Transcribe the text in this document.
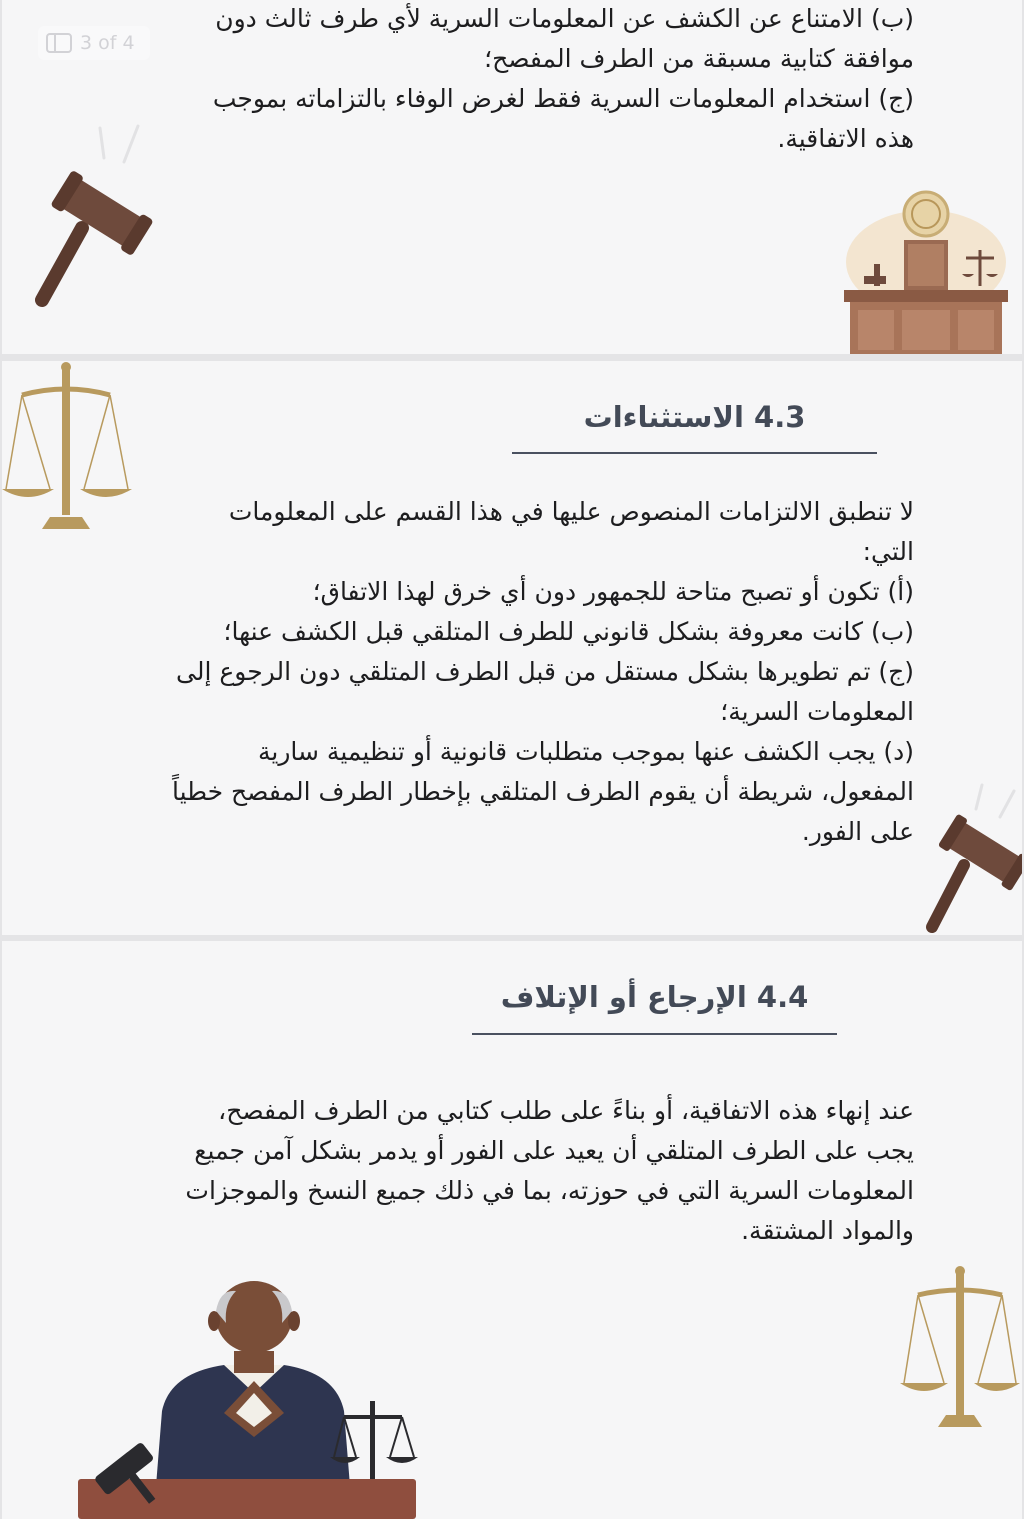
3 of 4
(ب) الامتناع عن الكشف عن المعلومات السرية لأي طرف ثالث دون
موافقة كتابية مسبقة من الطرف المفصح؛
(ج) استخدام المعلومات السرية فقط لغرض الوفاء بالتزاماته بموجب
هذه الاتفاقية.
4.3 الاستثناءات
لا تنطبق الالتزامات المنصوص عليها في هذا القسم على المعلومات
التي:
(أ) تكون أو تصبح متاحة للجمهور دون أي خرق لهذا الاتفاق؛
(ب) كانت معروفة بشكل قانوني للطرف المتلقي قبل الكشف عنها؛
(ج) تم تطويرها بشكل مستقل من قبل الطرف المتلقي دون الرجوع إلى
المعلومات السرية؛
(د) يجب الكشف عنها بموجب متطلبات قانونية أو تنظيمية سارية
المفعول، شريطة أن يقوم الطرف المتلقي بإخطار الطرف المفصح خطياً
على الفور.
4.4 الإرجاع أو الإتلاف
عند إنهاء هذه الاتفاقية، أو بناءً على طلب كتابي من الطرف المفصح،
يجب على الطرف المتلقي أن يعيد على الفور أو يدمر بشكل آمن جميع
المعلومات السرية التي في حوزته، بما في ذلك جميع النسخ والموجزات
والمواد المشتقة.
